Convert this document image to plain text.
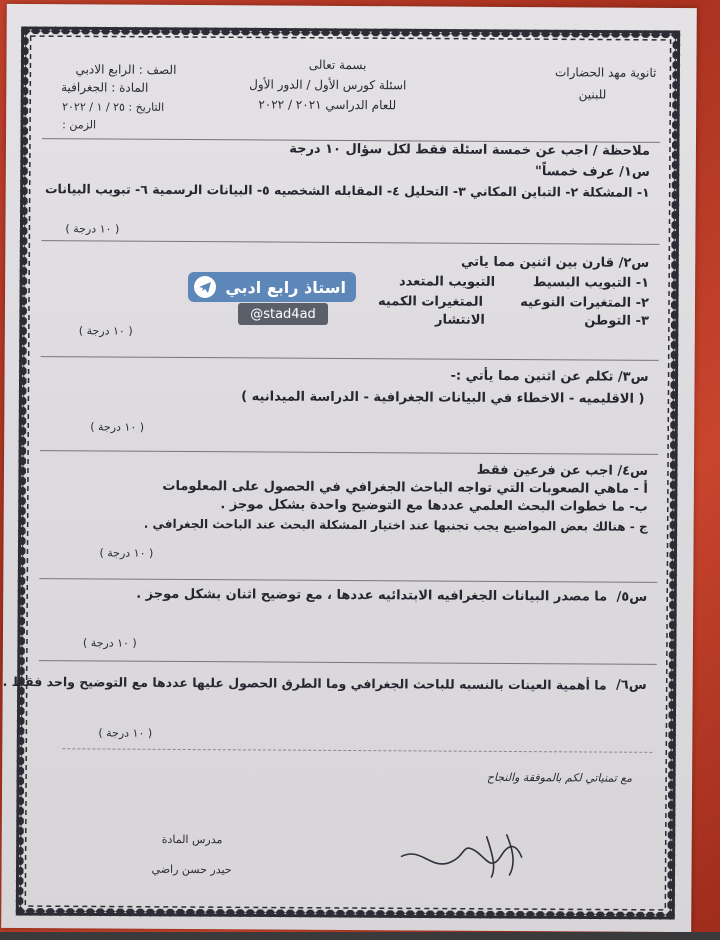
ثانوية مهد الحضارات
للبنين
بسمة تعالى
اسئلة كورس الأول / الدور الأول
للعام الدراسي ٢٠٢١ / ٢٠٢٢
الصف : الرابع الادبي
المادة : الجغرافية
التاريخ : ٢٥ / ١ / ٢٠٢٢
الزمن :
ملاحظة / اجب عن خمسة اسئلة فقط لكل سؤال ١٠ درجة
س١/ عرف خمساً"
١- المشكلة ٢- التباين المكاني ٣- التحليل ٤- المقابله الشخصيه ٥- البيانات الرسمية ٦- تبويب البيانات
( ١٠ درجة )
س٢/ قارن بين اثنين مما ياتي
١- التبويب البسيط
التبويب المتعدد
٢- المتغيرات النوعيه
المتغيرات الكميه
٣- التوطن
الانتشار
( ١٠ درجة )
س٣/ تكلم عن اثنين مما يأتي :-
( الاقليميه - الاخطاء في البيانات الجغرافية - الدراسة الميدانيه )
( ١٠ درجة )
س٤/ اجب عن فرعين فقط
أ - ماهي الصعوبات التي تواجه الباحث الجغرافي في الحصول على المعلومات
ب- ما خطوات البحث العلمي عددها مع التوضيح واحدة بشكل موجز .
ج - هنالك بعض المواضيع يجب تجنبها عند اختيار المشكلة البحث عند الباحث الجغرافي .
( ١٠ درجة )
س٥/
ما مصدر البيانات الجغرافيه الابتدائيه عددها ، مع توضيح اثنان بشكل موجز .
( ١٠ درجة )
س٦/
ما أهمية العينات بالنسبه للباحث الجغرافي وما الطرق الحصول عليها عددها مع التوضيح واحد فقط .
( ١٠ درجة )
مع تمنياتي لكم بالموفقة والنجاح
مدرس المادة
حيدر حسن راضي
استاذ رابع ادبي
@stad4ad
